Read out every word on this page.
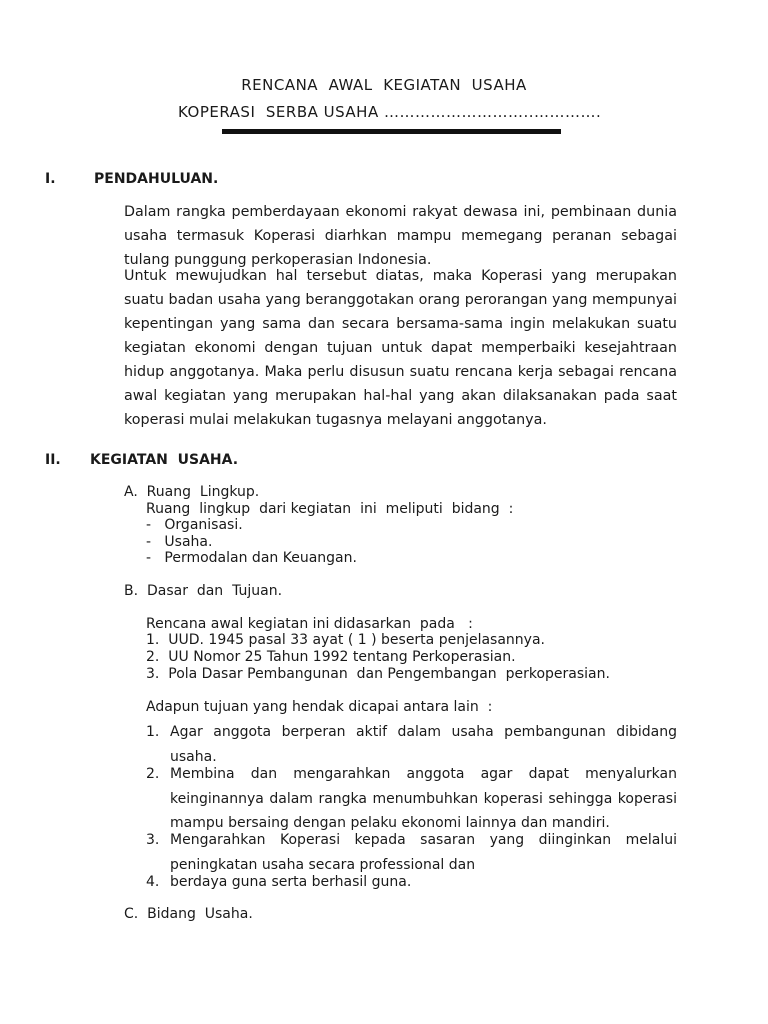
RENCANA  AWAL  KEGIATAN  USAHA
KOPERASI  SERBA USAHA ………………………..………….
I.	PENDAHULUAN.
Dalam rangka pemberdayaan ekonomi rakyat dewasa ini, pembinaan dunia usaha termasuk Koperasi diarhkan mampu memegang peranan sebagai tulang punggung perkoperasian Indonesia.
Untuk mewujudkan hal tersebut diatas, maka Koperasi yang merupakan suatu badan usaha yang beranggotakan orang perorangan yang mempunyai kepentingan yang sama dan secara bersama-sama ingin melakukan suatu kegiatan ekonomi dengan tujuan untuk dapat memperbaiki kesejahtraan hidup anggotanya. Maka perlu disusun suatu rencana kerja sebagai rencana awal kegiatan yang merupakan hal-hal yang akan dilaksanakan pada saat koperasi mulai melakukan tugasnya melayani anggotanya.
II. KEGIATAN  USAHA.
A.  Ruang  Lingkup.
Ruang  lingkup  dari kegiatan  ini  meliputi  bidang  :
-   Organisasi.
-   Usaha.
-   Permodalan dan Keuangan.
B.  Dasar  dan  Tujuan.
Rencana awal kegiatan ini didasarkan  pada   :
1.  UUD. 1945 pasal 33 ayat ( 1 ) beserta penjelasannya.
2.  UU Nomor 25 Tahun 1992 tentang Perkoperasian.
3.  Pola Dasar Pembangunan  dan Pengembangan  perkoperasian.
Adapun tujuan yang hendak dicapai antara lain  :
1. Agar anggota berperan aktif dalam usaha pembangunan dibidang
usaha.
2. Membina dan mengarahkan anggota agar dapat menyalurkan
keinginannya dalam rangka menumbuhkan koperasi sehingga koperasi
mampu bersaing dengan pelaku ekonomi lainnya dan mandiri.
3. Mengarahkan Koperasi kepada sasaran yang diinginkan melalui
peningkatan usaha secara professional dan
4. berdaya guna serta berhasil guna.
C.  Bidang  Usaha.
